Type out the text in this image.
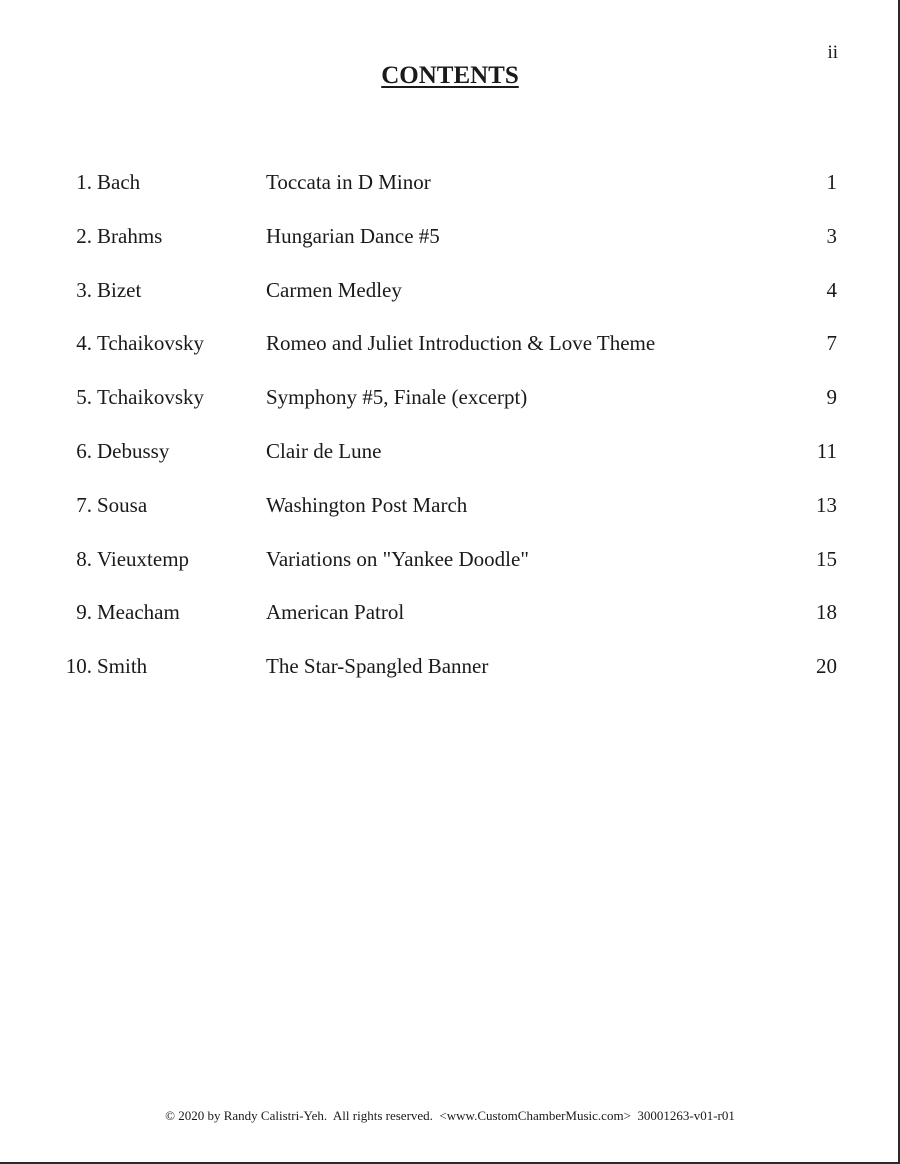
ii
CONTENTS
1. Bach	Toccata in D Minor	1
2. Brahms	Hungarian Dance #5	3
3. Bizet	Carmen Medley	4
4. Tchaikovsky	Romeo and Juliet Introduction & Love Theme	7
5. Tchaikovsky	Symphony #5, Finale (excerpt)	9
6. Debussy	Clair de Lune	11
7. Sousa	Washington Post March	13
8. Vieuxtemp	Variations on "Yankee Doodle"	15
9. Meacham	American Patrol	18
10. Smith	The Star-Spangled Banner	20
© 2020 by Randy Calistri-Yeh.  All rights reserved.  <www.CustomChamberMusic.com>  30001263-v01-r01
